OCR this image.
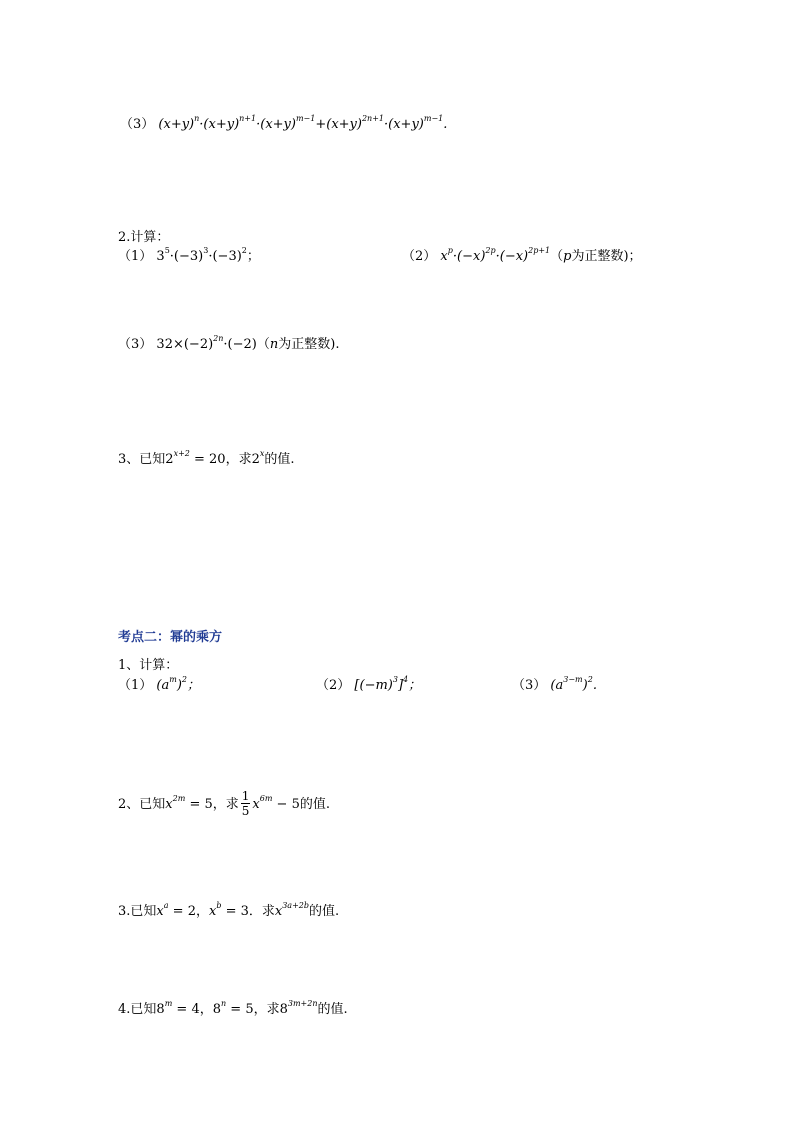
（3） $(x+y)^n\cdot(x+y)^{n+1}\cdot(x+y)^{m-1}+(x+y)^{2n+1}\cdot(x+y)^{m-1}$.
2.计算：
（1） $3^5\cdot(-3)^3\cdot(-3)^2$；	（2） $x^p\cdot(-x)^{2p}\cdot(-x)^{2p+1}(p$为正整数)；
（3） $32\times(-2)^{2n}\cdot(-2)(n$为正整数).
3、已知$2^{x+2} = 20$，求2$^x$的值.
考点二：幂的乘方
1、计算：
（1） $(a^m)^2$；	（2） $[(-m)^3]^4$；	（3） $(a^{3-m})^2$.
2、已知$x^{2m} = 5$，求 $\frac{1}{5} x^{6m} - 5$的值.
3.已知$x^a = 2$，$x^b = 3$．求$x^{3a+2b}$的值.
4.已知$8^m = 4$，$8^n = 5$，求$8^{3m+2n}$的值.
